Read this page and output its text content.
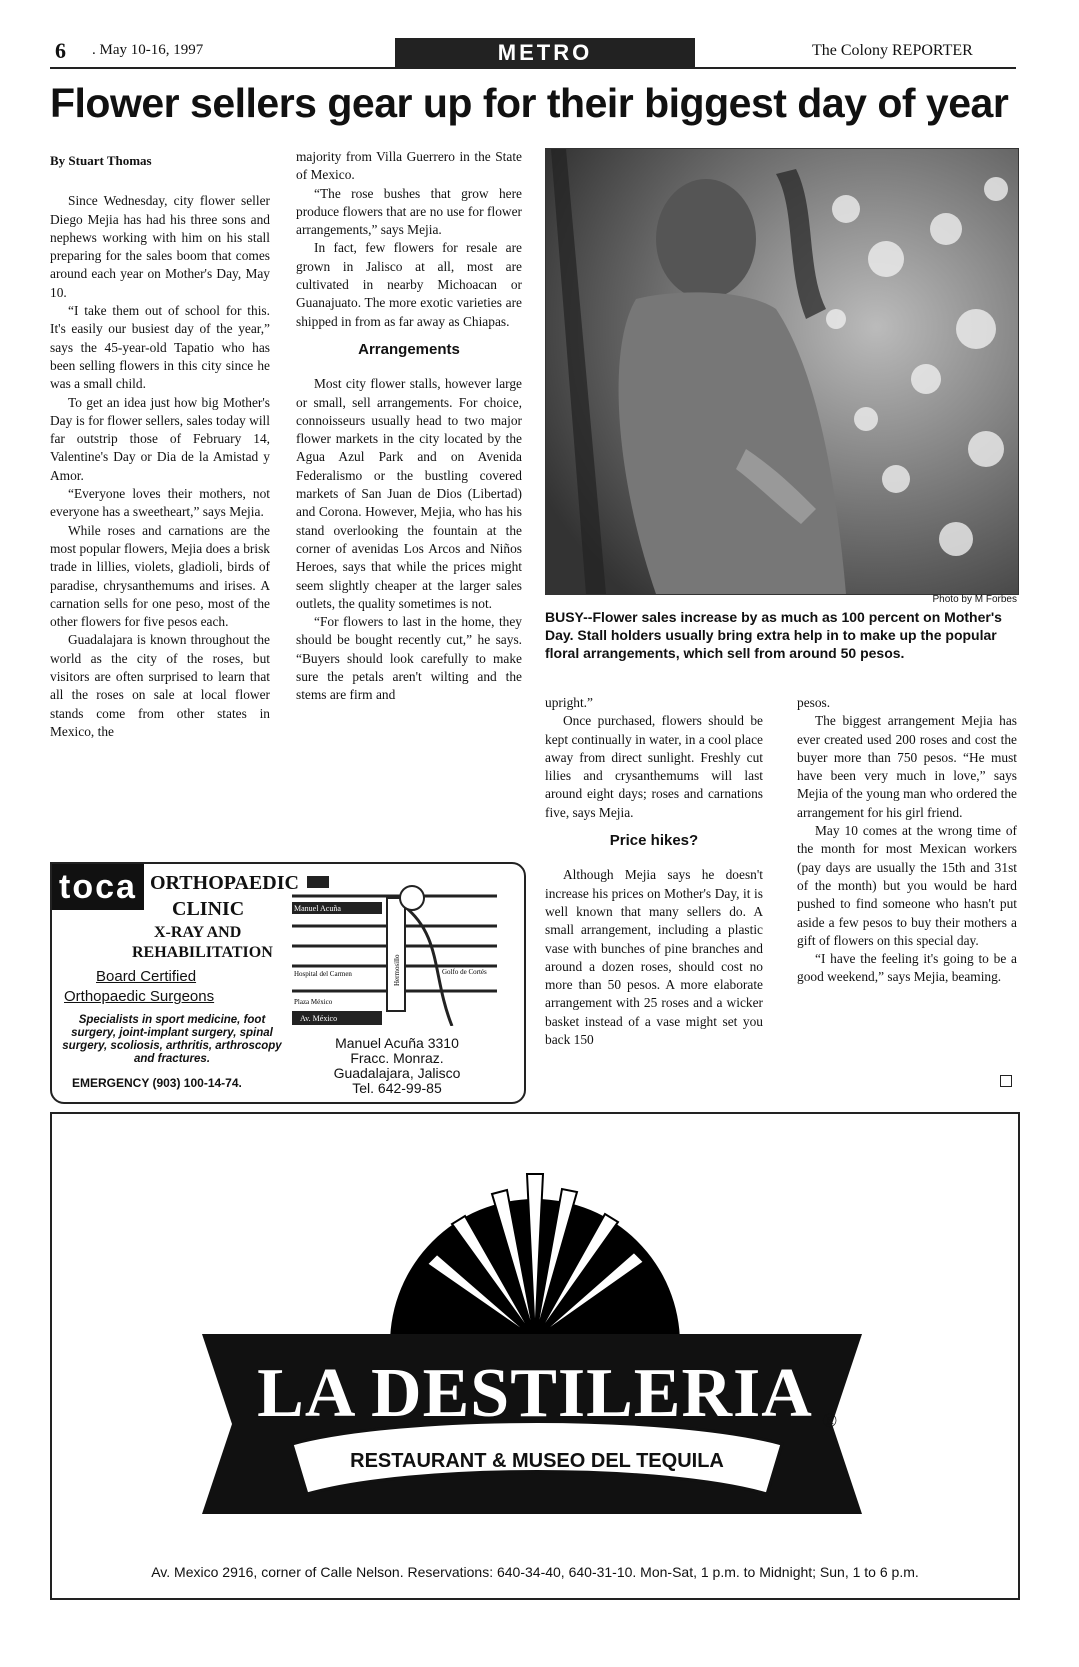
6 . May 10-16, 1997	METRO	The Colony REPORTER
Flower sellers gear up for their biggest day of year

By Stuart Thomas

Since Wednesday, city flower seller Diego Mejia has had his three sons and nephews working with him on his stall preparing for the sales boom that comes around each year on Mother's Day, May 10.

“I take them out of school for this. It's easily our busiest day of the year,” says the 45-year-old Tapatio who has been selling flowers in this city since he was a small child.

To get an idea just how big Mother's Day is for flower sellers, sales today will far outstrip those of February 14, Valentine's Day or Dia de la Amistad y Amor.

“Everyone loves their mothers, not everyone has a sweetheart,” says Mejia.

While roses and carnations are the most popular flowers, Mejia does a brisk trade in lillies, violets, gladioli, birds of paradise, chrysanthemums and irises. A carnation sells for one peso, most of the other flowers for five pesos each.

Guadalajara is known throughout the world as the city of the roses, but visitors are often surprised to learn that all the roses on sale at local flower stands come from other states in Mexico, the

majority from Villa Guerrero in the State of Mexico.

“The rose bushes that grow here produce flowers that are no use for flower arrangements,” says Mejia.

In fact, few flowers for resale are grown in Jalisco at all, most are cultivated in nearby Michoacan or Guanajuato. The more exotic varieties are shipped in from as far away as Chiapas.

Arrangements

Most city flower stalls, however large or small, sell arrangements. For choice, connoisseurs usually head to two major flower markets in the city located by the Agua Azul Park and on Avenida Federalismo or the bustling covered markets of San Juan de Dios (Libertad) and Corona. However, Mejia, who has his stand overlooking the fountain at the corner of avenidas Los Arcos and Niños Heroes, says that while the prices might seem slightly cheaper at the larger sales outlets, the quality sometimes is not.

“For flowers to last in the home, they should be bought recently cut,” he says. “Buyers should look carefully to make sure the petals aren't wilting and the stems are firm and

Photo by M Forbes
BUSY--Flower sales increase by as much as 100 percent on Mother's Day. Stall holders usually bring extra help in to make up the popular floral arrangements, which sell from around 50 pesos.

upright.”

Once purchased, flowers should be kept continually in water, in a cool place away from direct sunlight. Freshly cut lilies and crysanthemums will last around eight days; roses and carnations five, says Mejia.

Price hikes?

Although Mejia says he doesn't increase his prices on Mother's Day, it is well known that many sellers do. A small arrangement, including a plastic vase with bunches of pine branches and around a dozen roses, should cost no more than 50 pesos. A more elaborate arrangement with 25 roses and a wicker basket instead of a vase might set you back 150

pesos.

The biggest arrangement Mejia has ever created used 200 roses and cost the buyer more than 750 pesos. “He must have been very much in love,” says Mejia of the young man who ordered the arrangement for his girl friend.

May 10 comes at the wrong time of the month for most Mexican workers (pay days are usually the 15th and 31st of the month) but you would be hard pushed to find someone who hasn't put aside a few pesos to buy their mothers a gift of flowers on this special day.

“I have the feeling it's going to be a good weekend,” says Mejia, beaming.

toca ORTHOPAEDIC
CLINIC
X-RAY AND
REHABILITATION
Board Certified
Orthopaedic Surgeons
Specialists in sport medicine, foot surgery, joint-implant surgery, spinal surgery, scoliosis, arthritis, arthroscopy and fractures.
EMERGENCY (903) 100-14-74.
Manuel Acuña
Hospital del Carmen	Golfo de Cortés
Plaza México
Av. México
Hermosillo
Manuel Acuña 3310
Fracc. Monraz.
Guadalajara, Jalisco
Tel. 642-99-85
LA DESTILERIA
RESTAURANT & MUSEO DEL TEQUILA
®
Av. Mexico 2916, corner of Calle Nelson. Reservations: 640-34-40, 640-31-10. Mon-Sat, 1 p.m. to Midnight; Sun, 1 to 6 p.m.
